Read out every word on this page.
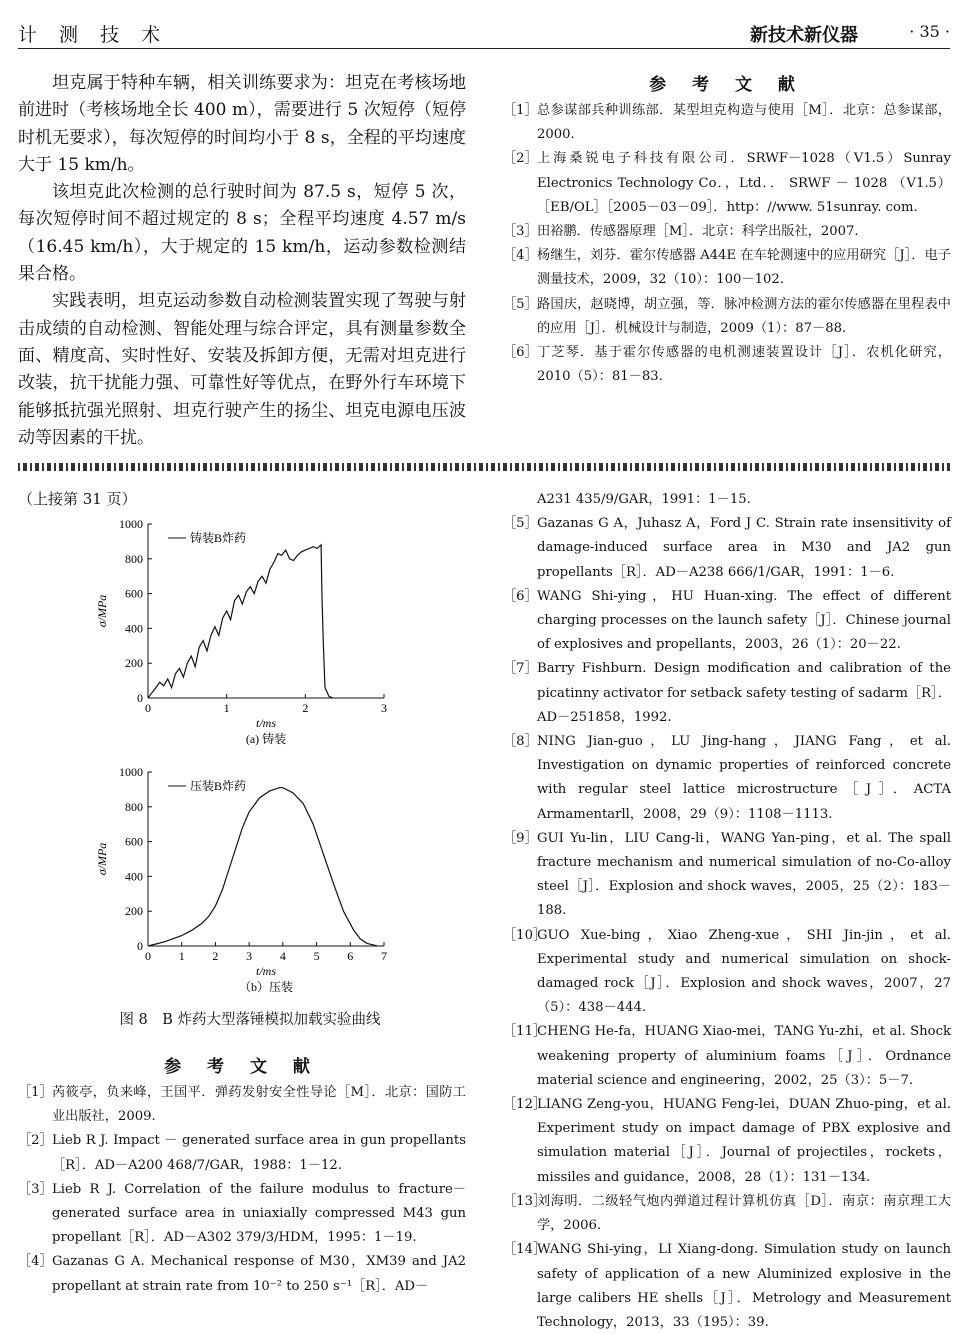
计 测 技 术	新技术新仪器	· 35 ·

坦克属于特种车辆，相关训练要求为：坦克在考核场地前进时（考核场地全长 400 m），需要进行 5 次短停（短停时机无要求），每次短停的时间均小于 8 s，全程的平均速度大于 15 km/h。

该坦克此次检测的总行驶时间为 87.5 s，短停 5 次，每次短停时间不超过规定的 8 s；全程平均速度 4.57 m/s（16.45 km/h），大于规定的 15 km/h，运动参数检测结果合格。

实践表明，坦克运动参数自动检测装置实现了驾驶与射击成绩的自动检测、智能处理与综合评定，具有测量参数全面、精度高、实时性好、安装及拆卸方便，无需对坦克进行改装，抗干扰能力强、可靠性好等优点，在野外行车环境下能够抵抗强光照射、坦克行驶产生的扬尘、坦克电源电压波动等因素的干扰。

参 考 文 献
［1］ 总参谋部兵种训练部．某型坦克构造与使用［M］．北京：总参谋部，2000.
［2］ 上海桑锐电子科技有限公司．SRWF－1028（V1.5）Sunray Electronics Technology Co．，Ltd．． SRWF － 1028 （V1.5）［EB/OL］［2005－03－09］．http：//www. 51sunray. com.
［3］ 田裕鹏．传感器原理［M］．北京：科学出版社，2007.
［4］ 杨继生，刘芬．霍尔传感器 A44E 在车轮测速中的应用研究［J］．电子测量技术，2009，32（10）：100－102.
［5］ 路国庆，赵晓博，胡立强，等．脉冲检测方法的霍尔传感器在里程表中的应用［J］．机械设计与制造，2009（1）：87－88.
［6］ 丁芝琴．基于霍尔传感器的电机测速装置设计［J］．农机化研究，2010（5）：81－83.
（上接第 31 页）
0	1	2	3
0
200
400
600
800
1000
铸装B炸药
t/ms
σ/MPa
(a) 铸装
0 1 2 3 4 5 6 7
0
200
400
600
800
1000
压装B炸药
t/ms
σ/MPa
（b）压装
图 8　B 炸药大型落锤模拟加载实验曲线
参 考 文 献
［1］ 芮筱亭，负来峰，王国平．弹药发射安全性导论［M］．北京：国防工业出版社，2009.
［2］ Lieb R J. Impact － generated surface area in gun propellants［R］．AD－A200 468/7/GAR，1988：1－12.
［3］ Lieb R J. Correlation of the failure modulus to fracture－generated surface area in uniaxially compressed M43 gun propellant［R］．AD－A302 379/3/HDM，1995：1－19.
［4］ Gazanas G A. Mechanical response of M30，XM39 and JA2 propellant at strain rate from 10⁻² to 250 s⁻¹［R］．AD－
A231 435/9/GAR，1991：1－15.
［5］ Gazanas G A，Juhasz A，Ford J C. Strain rate insensitivity of damage-induced surface area in M30 and JA2 gun propellants［R］．AD－A238 666/1/GAR，1991：1－6.
［6］ WANG Shi-ying，HU Huan-xing. The effect of different charging processes on the launch safety［J］．Chinese journal of explosives and propellants，2003，26（1）：20－22.
［7］ Barry Fishburn. Design modification and calibration of the picatinny activator for setback safety testing of sadarm［R］．AD－251858，1992.
［8］ NING Jian-guo，LU Jing-hang，JIANG Fang，et al. Investigation on dynamic properties of reinforced concrete with regular steel lattice microstructure［J］．ACTA Armamentarll，2008，29（9）：1108－1113.
［9］ GUI Yu-lin，LIU Cang-li，WANG Yan-ping，et al. The spall fracture mechanism and numerical simulation of no-Co-alloy steel［J］．Explosion and shock waves，2005，25（2）：183－188.
［10］
GUO Xue-bing，Xiao Zheng-xue，SHI Jin-jin，et al. Experimental study and numerical simulation on shock-damaged rock［J］．Explosion and shock waves，2007，27（5）：438－444.
［11］
CHENG He-fa，HUANG Xiao-mei，TANG Yu-zhi，et al. Shock weakening property of aluminium foams［J］．Ordnance material science and engineering，2002，25（3）：5－7.
［12］
LIANG Zeng-you，HUANG Feng-lei，DUAN Zhuo-ping，et al. Experiment study on impact damage of PBX explosive and simulation material［J］．Journal of projectiles，rockets，missiles and guidance，2008，28（1）：131－134.
［13］
刘海明．二级轻气炮内弹道过程计算机仿真［D］．南京：南京理工大学，2006.
［14］
WANG Shi-ying，LI Xiang-dong. Simulation study on launch safety of application of a new Aluminized explosive in the large calibers HE shells［J］．Metrology and Measurement Technology，2013，33（195）：39.
